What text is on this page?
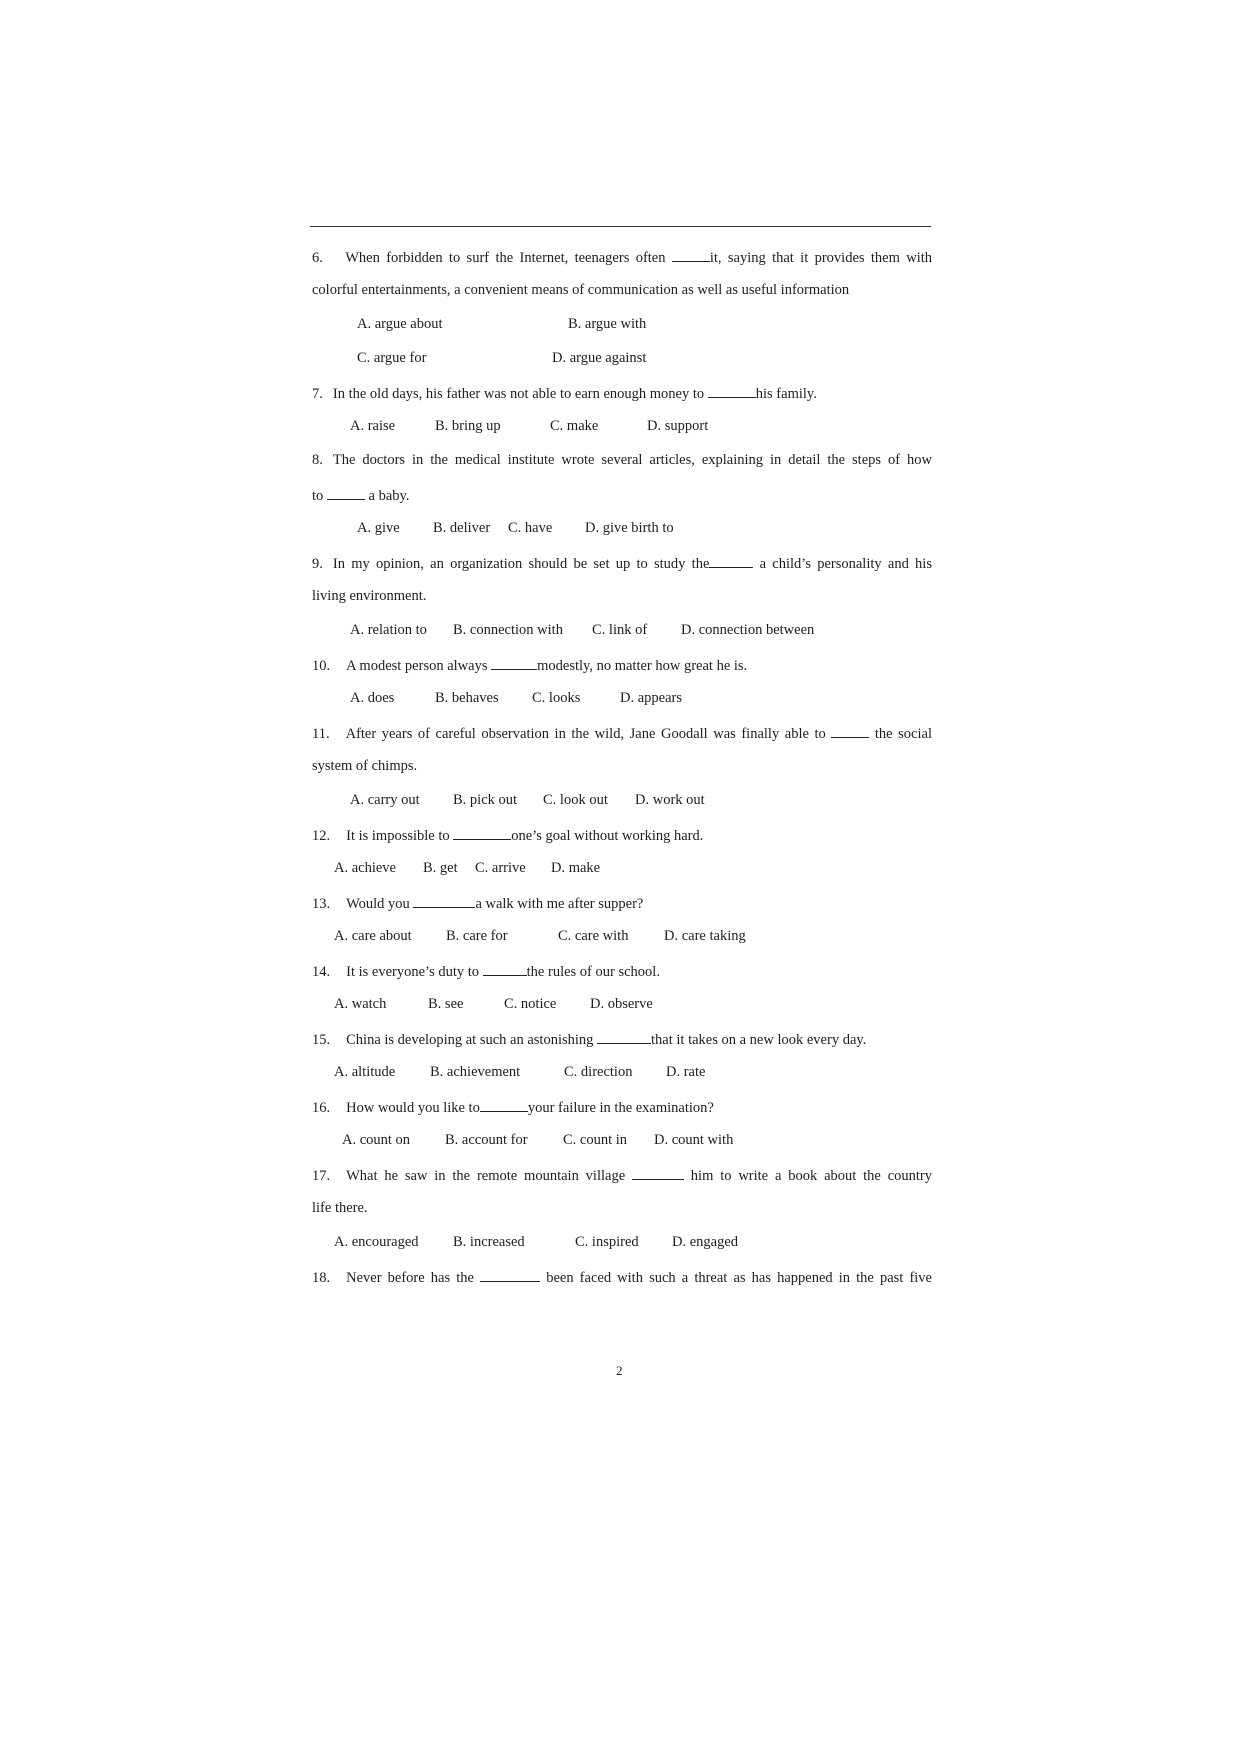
6. When forbidden to surf the Internet, teenagers often	it, saying that it provides them with
colorful entertainments, a convenient means of communication as well as useful information
A. argue about	B. argue with
C. argue for	D. argue against
7. In the old days, his father was not able to earn enough money to	his family.
A. raise	B. bring up	C. make	D. support
8. The doctors in the medical institute wrote several articles, explaining in detail the steps of how
to	a baby.
A. give B. deliver C. have D. give birth to
9. In my opinion, an organization should be set up to study the	a child’s personality and his
living environment.
A. relation to B. connection with C. link of D. connection between
10. A modest person always	modestly, no matter how great he is.
A. does	B. behaves C. looks	D. appears
11. After years of careful observation in the wild, Jane Goodall was finally able to	the social
system of chimps.
A. carry out B. pick out C. look out D. work out
12. It is impossible to	one’s goal without working hard.
A. achieve B. get C. arrive D. make
13. Would you	a walk with me after supper?
A. care about B. care for	C. care with D. care taking
14. It is everyone’s duty to	the rules of our school.
A. watch	B. see	C. notice D. observe
15. China is developing at such an astonishing	that it takes on a new look every day.
A. altitude B. achievement	C. direction D. rate
16. How would you like to	your failure in the examination?
A. count on B. account for C. count in D. count with
17. What he saw in the remote mountain village	him to write a book about the country
life there.
A. encouraged B. increased	C. inspired D. engaged
18. Never before has the	been faced with such a threat as has happened in the past five
2
